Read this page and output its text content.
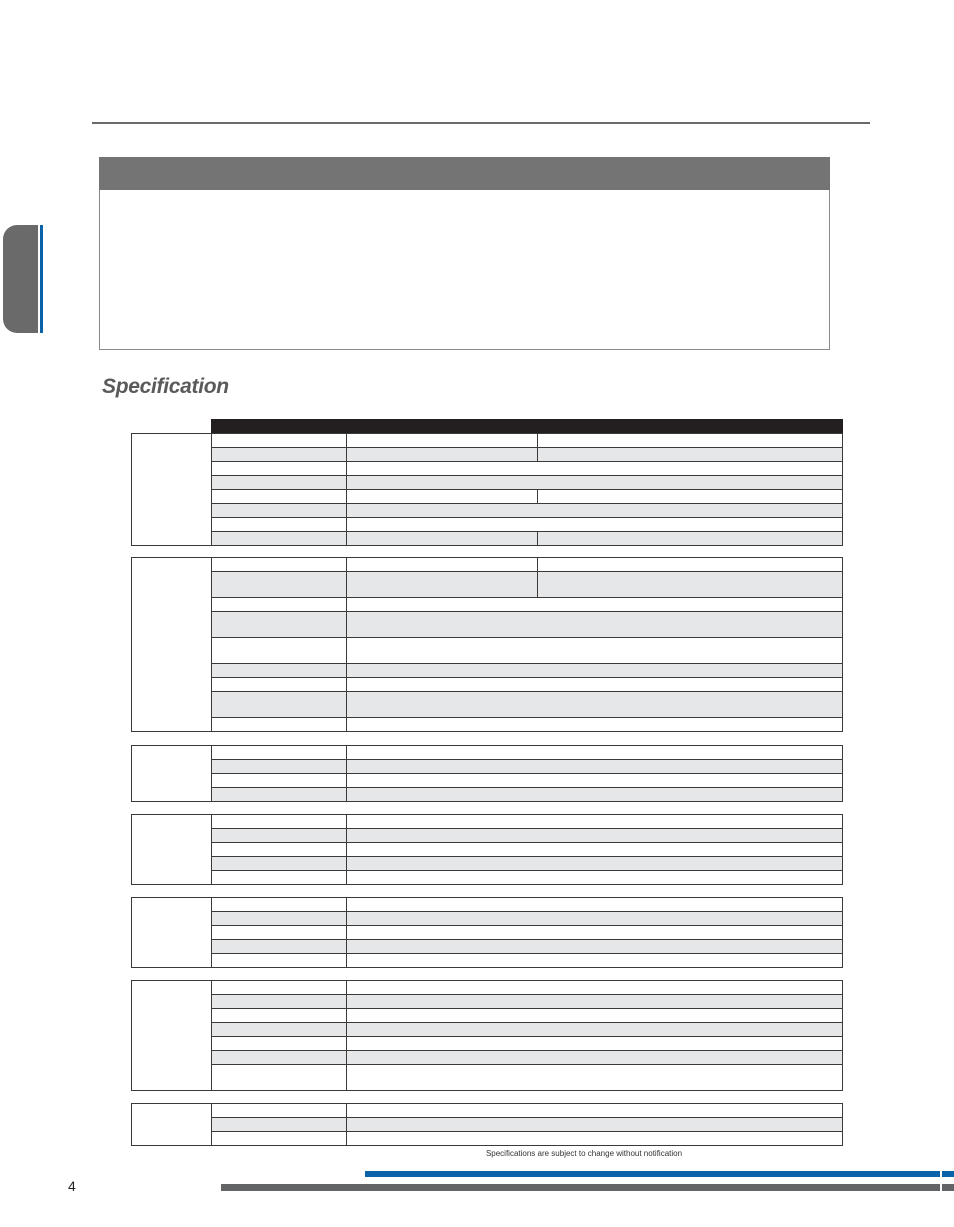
Specification
Specifications are subject to change without notification
4
